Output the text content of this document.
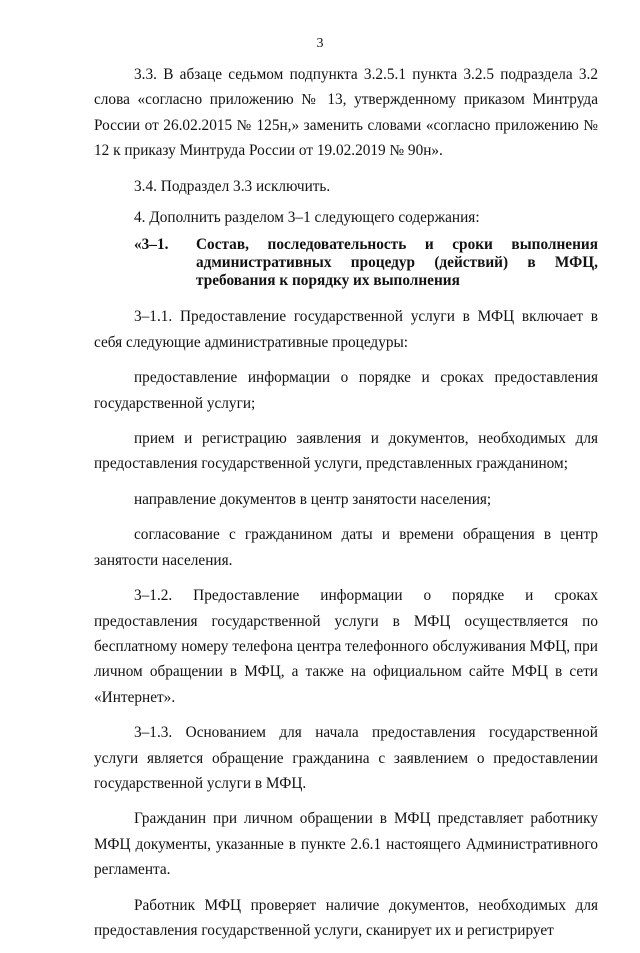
3

3.3. В абзаце седьмом подпункта 3.2.5.1 пункта 3.2.5 подраздела 3.2 слова «согласно приложению № 13, утвержденному приказом Минтруда России от 26.02.2015 № 125н,» заменить словами «согласно приложению № 12 к приказу Минтруда России от 19.02.2019 № 90н».

3.4. Подраздел 3.3 исключить.

4. Дополнить разделом 3–1 следующего содержания:

«3–1.	Состав, последовательность и сроки выполнения административных процедур (действий) в МФЦ, требования к порядку их выполнения

3–1.1. Предоставление государственной услуги в МФЦ включает в себя следующие административные процедуры:

предоставление информации о порядке и сроках предоставления государственной услуги;

прием и регистрацию заявления и документов, необходимых для предоставления государственной услуги, представленных гражданином;

направление документов в центр занятости населения;

согласование с гражданином даты и времени обращения в центр занятости населения.

3–1.2. Предоставление информации о порядке и сроках предоставления государственной услуги в МФЦ осуществляется по бесплатному номеру телефона центра телефонного обслуживания МФЦ, при личном обращении в МФЦ, а также на официальном сайте МФЦ в сети «Интернет».

3–1.3. Основанием для начала предоставления государственной услуги является обращение гражданина с заявлением о предоставлении государственной услуги в МФЦ.

Гражданин при личном обращении в МФЦ представляет работнику МФЦ документы, указанные в пункте 2.6.1 настоящего Административного регламента.

Работник МФЦ проверяет наличие документов, необходимых для предоставления государственной услуги, сканирует их и регистрирует
